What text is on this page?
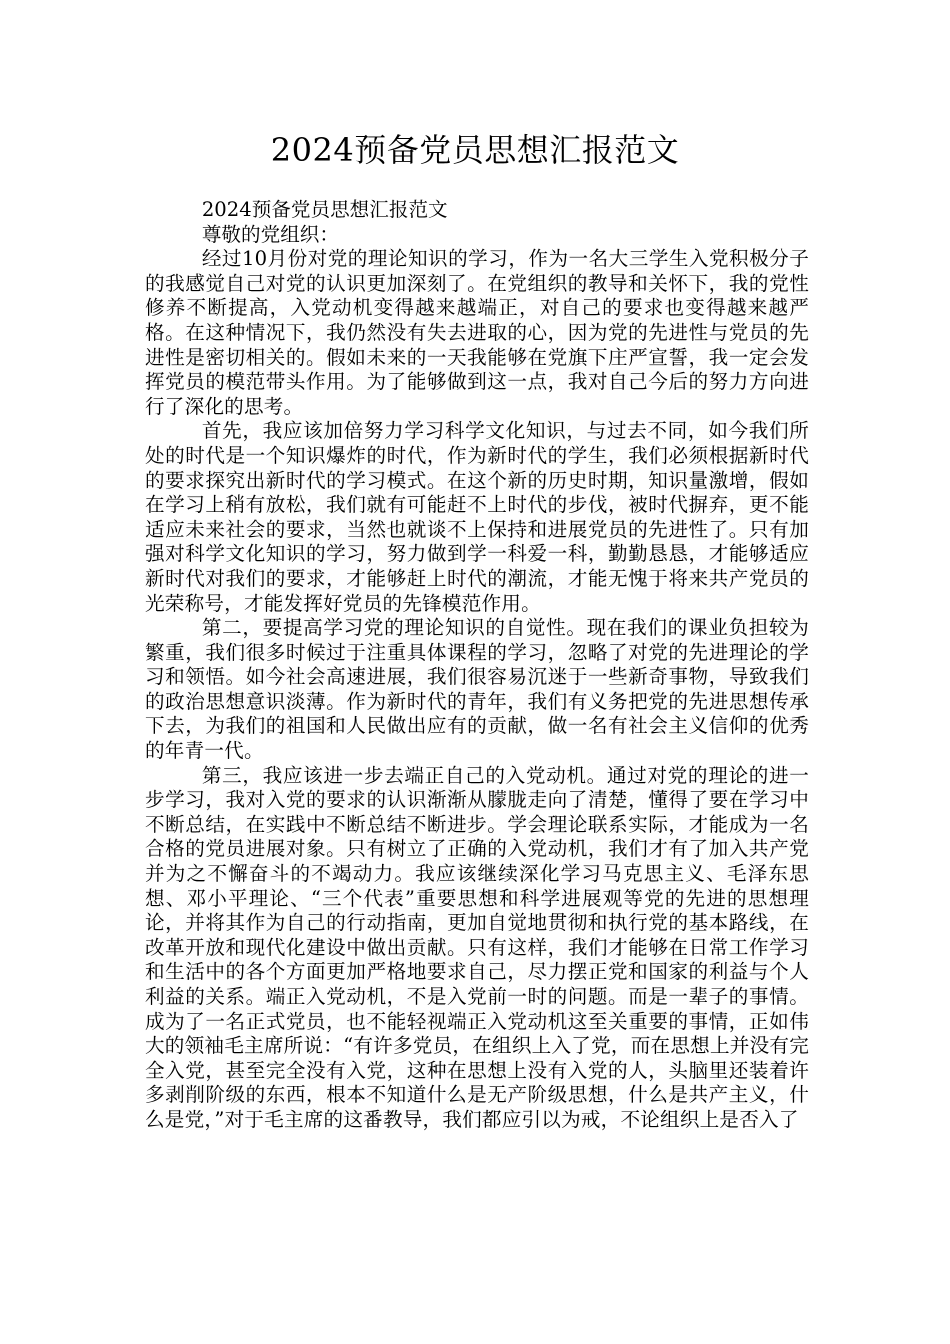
2024预备党员思想汇报范文

2024预备党员思想汇报范文

尊敬的党组织：

经过10月份对党的理论知识的学习，作为一名大三学生入党积极分子的我感觉自己对党的认识更加深刻了。在党组织的教导和关怀下，我的党性修养不断提高，入党动机变得越来越端正，对自己的要求也变得越来越严格。在这种情况下，我仍然没有失去进取的心，因为党的先进性与党员的先进性是密切相关的。假如未来的一天我能够在党旗下庄严宣誓，我一定会发挥党员的模范带头作用。为了能够做到这一点，我对自己今后的努力方向进行了深化的思考。

首先，我应该加倍努力学习科学文化知识，与过去不同，如今我们所处的时代是一个知识爆炸的时代，作为新时代的学生，我们必须根据新时代的要求探究出新时代的学习模式。在这个新的历史时期，知识量激增，假如在学习上稍有放松，我们就有可能赶不上时代的步伐，被时代摒弃，更不能适应未来社会的要求，当然也就谈不上保持和进展党员的先进性了。只有加强对科学文化知识的学习，努力做到学一科爱一科，勤勤恳恳，才能够适应新时代对我们的要求，才能够赶上时代的潮流，才能无愧于将来共产党员的光荣称号，才能发挥好党员的先锋模范作用。

第二，要提高学习党的理论知识的自觉性。现在我们的课业负担较为繁重，我们很多时候过于注重具体课程的学习，忽略了对党的先进理论的学习和领悟。如今社会高速进展，我们很容易沉迷于一些新奇事物，导致我们的政治思想意识淡薄。作为新时代的青年，我们有义务把党的先进思想传承下去，为我们的祖国和人民做出应有的贡献，做一名有社会主义信仰的优秀的年青一代。

第三，我应该进一步去端正自己的入党动机。通过对党的理论的进一步学习，我对入党的要求的认识渐渐从朦胧走向了清楚，懂得了要在学习中不断总结，在实践中不断总结不断进步。学会理论联系实际，才能成为一名合格的党员进展对象。只有树立了正确的入党动机，我们才有了加入共产党并为之不懈奋斗的不竭动力。我应该继续深化学习马克思主义、毛泽东思想、邓小平理论、“三个代表”重要思想和科学进展观等党的先进的思想理论，并将其作为自己的行动指南，更加自觉地贯彻和执行党的基本路线，在改革开放和现代化建设中做出贡献。只有这样，我们才能够在日常工作学习和生活中的各个方面更加严格地要求自己，尽力摆正党和国家的利益与个人利益的关系。端正入党动机，不是入党前一时的问题。而是一辈子的事情。成为了一名正式党员，也不能轻视端正入党动机这至关重要的事情，正如伟大的领袖毛主席所说：“有许多党员，在组织上入了党，而在思想上并没有完全入党，甚至完全没有入党，这种在思想上没有入党的人，头脑里还装着许多剥削阶级的东西，根本不知道什么是无产阶级思想，什么是共产主义，什么是党，”对于毛主席的这番教导，我们都应引以为戒，不论组织上是否入了
